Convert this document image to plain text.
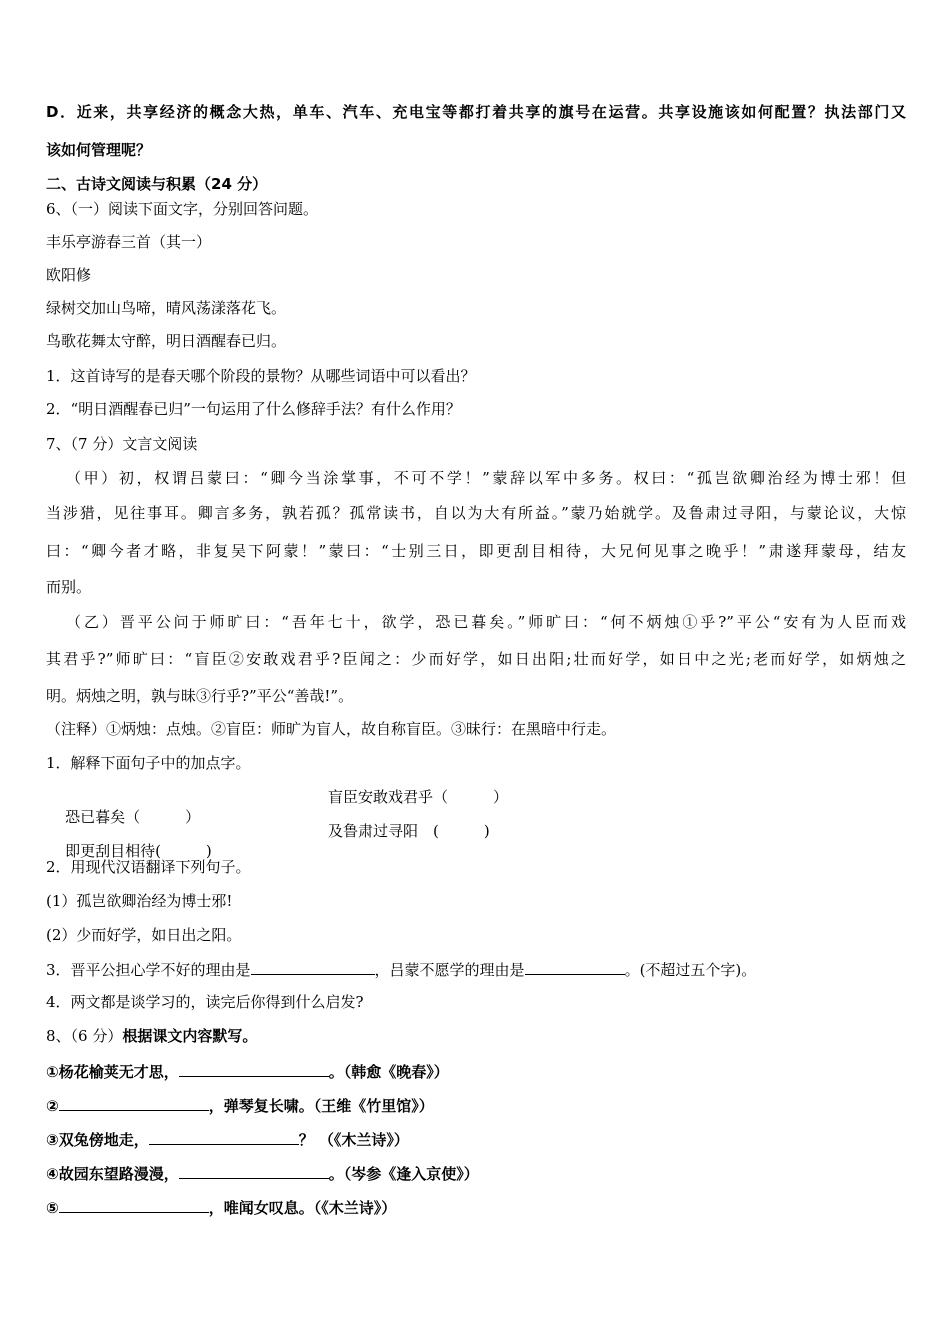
D．近来，共享经济的概念大热，单车、汽车、充电宝等都打着共享的旗号在运营。共享设施该如何配置？执法部门又
该如何管理呢？
二、古诗文阅读与积累（24 分）
6、（一）阅读下面文字，分别回答问题。
丰乐亭游春三首（其一）
欧阳修
绿树交加山鸟啼，晴风荡漾落花飞。
鸟歌花舞太守醉，明日酒醒春已归。
1．这首诗写的是春天哪个阶段的景物？从哪些词语中可以看出？
2．“明日酒醒春已归”一句运用了什么修辞手法？有什么作用？
7、（7 分）文言文阅读
（甲）初，权谓吕蒙曰：“卿今当涂掌事，不可不学！”蒙辞以军中多务。权曰：“孤岂欲卿治经为博士邪！但
当涉猎，见往事耳。卿言多务，孰若孤？孤常读书，自以为大有所益。”蒙乃始就学。及鲁肃过寻阳，与蒙论议，大惊
曰：“卿今者才略，非复吴下阿蒙！”蒙曰：“士别三日，即更刮目相待，大兄何见事之晚乎！”肃遂拜蒙母，结友
而别。
（乙）晋平公问于师旷曰：“吾年七十，欲学，恐已暮矣。”师旷曰：“何不炳烛①乎?”平公“安有为人臣而戏
其君乎?”师旷曰：“盲臣②安敢戏君乎?臣闻之：少而好学，如日出阳;壮而好学，如日中之光;老而好学，如炳烛之
明。炳烛之明，孰与昧③行乎?”平公“善哉!”。
（注释）①炳烛：点烛。②盲臣：师旷为盲人，故自称盲臣。③昧行：在黑暗中行走。
1．解释下面句子中的加点字。

恐已暮矣（　　　）

盲臣安敢戏君乎（　　　）

即更刮目相待(　　　)

及鲁肃过寻阳　(　　　)

2．用现代汉语翻译下列句子。
(1）孤岂欲卿治经为博士邪!
(2）少而好学，如日出之阳。
3．晋平公担心学不好的理由是	，吕蒙不愿学的理由是	。(不超过五个字)。
4．两文都是谈学习的，读完后你得到什么启发?
8、（6 分）根据课文内容默写。
①杨花榆荚无才思，	。（韩愈《晚春》）
②	，弹琴复长啸。（王维《竹里馆》）
③双兔傍地走，	？ （《木兰诗》）
④故园东望路漫漫，	。（岑参《逢入京使》）
⑤	，唯闻女叹息。（《木兰诗》）
